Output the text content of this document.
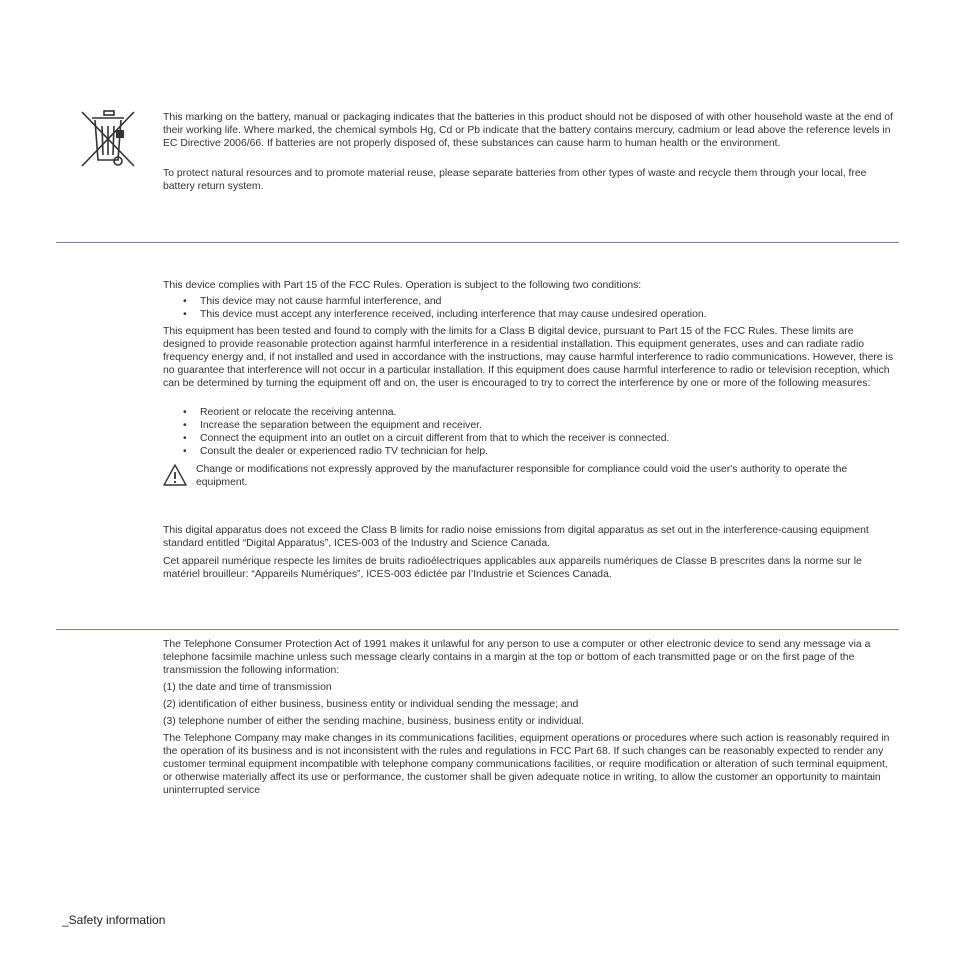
This marking on the battery, manual or packaging indicates that the batteries in this product should not be disposed of with other household waste at the end of their working life. Where marked, the chemical symbols Hg, Cd or Pb indicate that the battery contains mercury, cadmium or lead above the reference levels in EC Directive 2006/66. If batteries are not properly disposed of, these substances can cause harm to human health or the environment.

To protect natural resources and to promote material reuse, please separate batteries from other types of waste and recycle them through your local, free battery return system.

This device complies with Part 15 of the FCC Rules. Operation is subject to the following two conditions:

• This device may not cause harmful interference, and
• This device must accept any interference received, including interference that may cause undesired operation.

This equipment has been tested and found to comply with the limits for a Class B digital device, pursuant to Part 15 of the FCC Rules. These limits are designed to provide reasonable protection against harmful interference in a residential installation. This equipment generates, uses and can radiate radio frequency energy and, if not installed and used in accordance with the instructions, may cause harmful interference to radio communications. However, there is no guarantee that interference will not occur in a particular installation. If this equipment does cause harmful interference to radio or television reception, which can be determined by turning the equipment off and on, the user is encouraged to try to correct the interference by one or more of the following measures:

• Reorient or relocate the receiving antenna.
• Increase the separation between the equipment and receiver.
• Connect the equipment into an outlet on a circuit different from that to which the receiver is connected.
• Consult the dealer or experienced radio TV technician for help.

Change or modifications not expressly approved by the manufacturer responsible for compliance could void the user's authority to operate the equipment.

This digital apparatus does not exceed the Class B limits for radio noise emissions from digital apparatus as set out in the interference-causing equipment standard entitled “Digital Apparatus”, ICES-003 of the Industry and Science Canada.

Cet appareil numérique respecte les limites de bruits radioélectriques applicables aux appareils numériques de Classe B prescrites dans la norme sur le matériel brouilleur: “Appareils Numériques”, ICES-003 édictée par l’Industrie et Sciences Canada.

The Telephone Consumer Protection Act of 1991 makes it unlawful for any person to use a computer or other electronic device to send any message via a telephone facsimile machine unless such message clearly contains in a margin at the top or bottom of each transmitted page or on the first page of the transmission the following information:

(1) the date and time of transmission

(2) identification of either business, business entity or individual sending the message; and

(3) telephone number of either the sending machine, business, business entity or individual.

The Telephone Company may make changes in its communications facilities, equipment operations or procedures where such action is reasonably required in the operation of its business and is not inconsistent with the rules and regulations in FCC Part 68. If such changes can be reasonably expected to render any customer terminal equipment incompatible with telephone company communications facilities, or require modification or alteration of such terminal equipment, or otherwise materially affect its use or performance, the customer shall be given adequate notice in writing, to allow the customer an opportunity to maintain uninterrupted service

_Safety information
